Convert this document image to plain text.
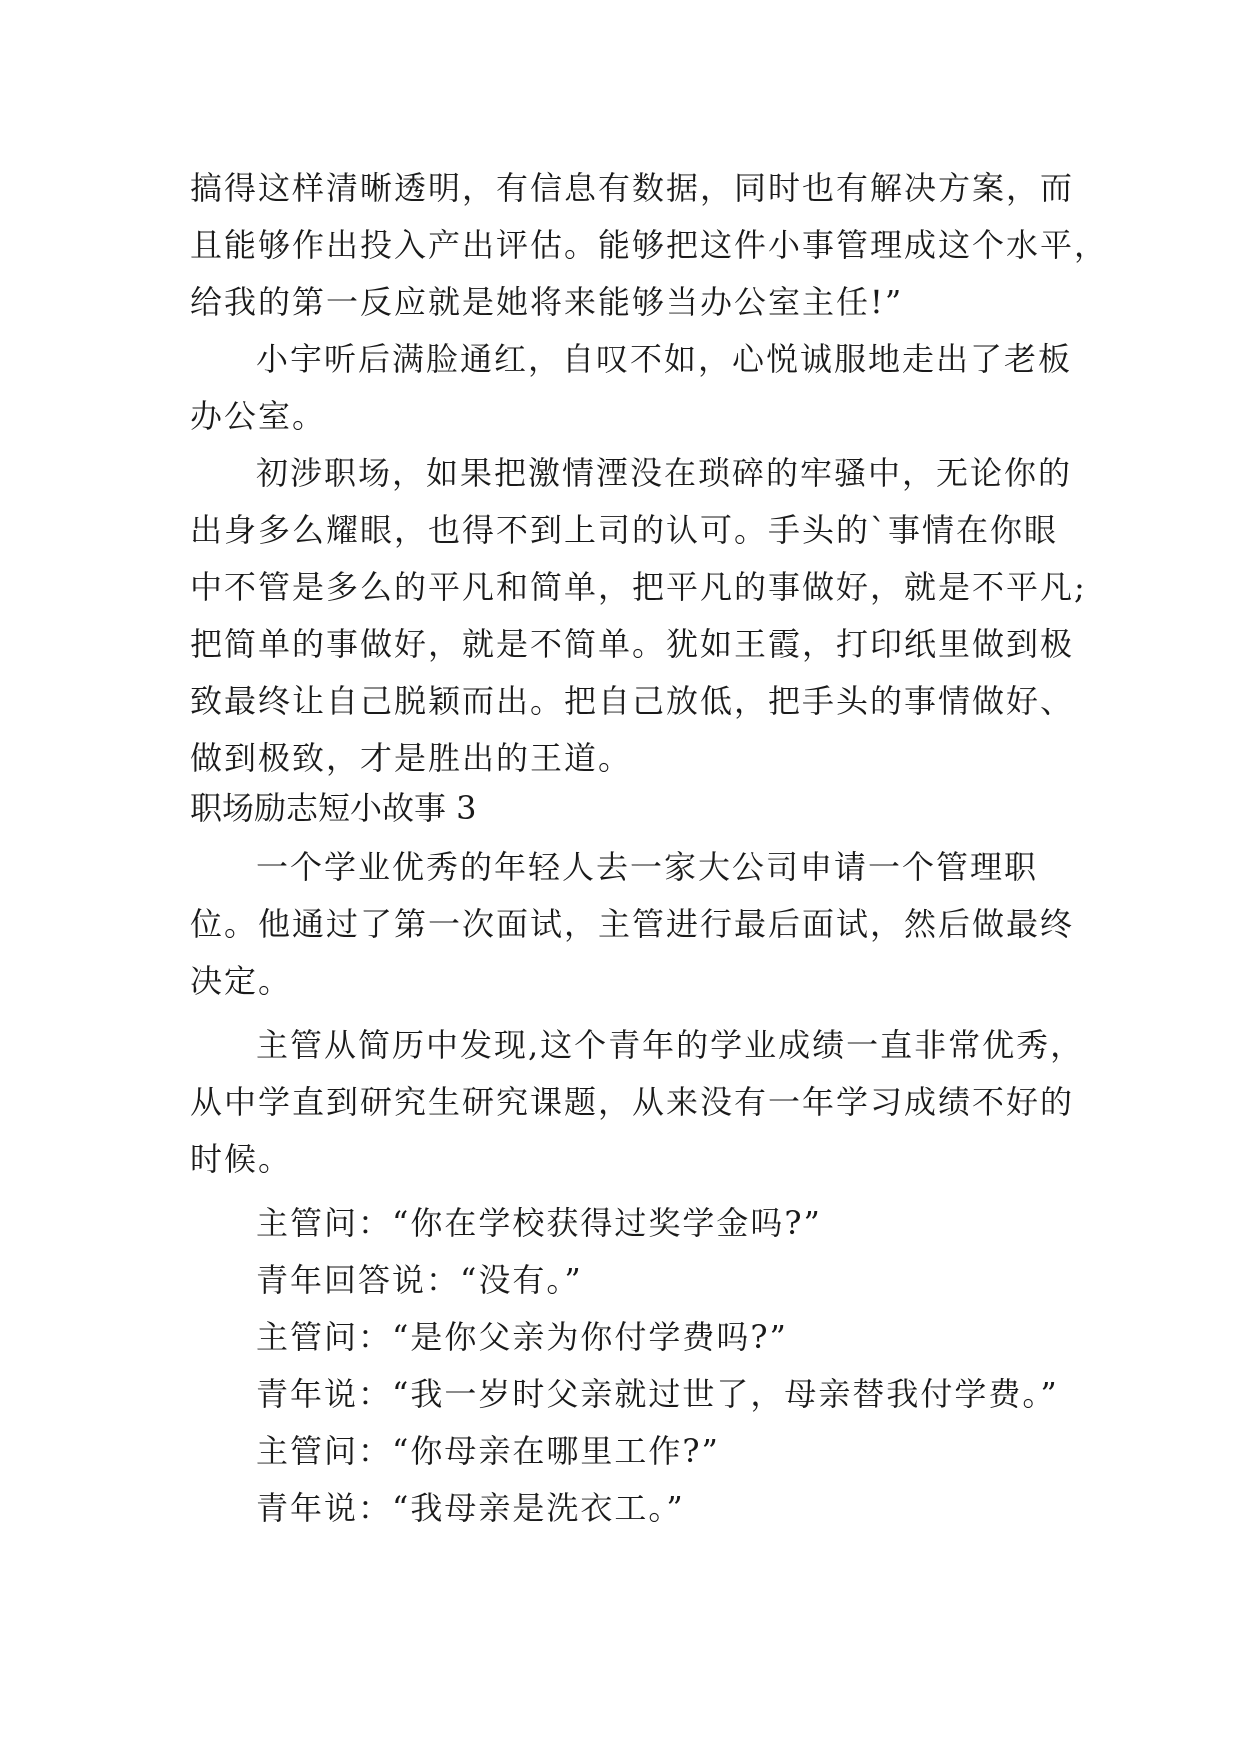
搞得这样清晰透明，有信息有数据，同时也有解决方案，而
且能够作出投入产出评估。能够把这件小事管理成这个水平，
给我的第一反应就是她将来能够当办公室主任!”
小宇听后满脸通红，自叹不如，心悦诚服地走出了老板
办公室。
初涉职场，如果把激情湮没在琐碎的牢骚中，无论你的
出身多么耀眼，也得不到上司的认可。手头的`事情在你眼
中不管是多么的平凡和简单，把平凡的事做好，就是不平凡;
把简单的事做好，就是不简单。犹如王霞，打印纸里做到极
致最终让自己脱颖而出。把自己放低，把手头的事情做好、
做到极致，才是胜出的王道。
职场励志短小故事 3
一个学业优秀的年轻人去一家大公司申请一个管理职
位。他通过了第一次面试，主管进行最后面试，然后做最终
决定。
主管从简历中发现,这个青年的学业成绩一直非常优秀，
从中学直到研究生研究课题，从来没有一年学习成绩不好的
时候。
主管问：“你在学校获得过奖学金吗?”
青年回答说：“没有。”
主管问：“是你父亲为你付学费吗?”
青年说：“我一岁时父亲就过世了，母亲替我付学费。”
主管问：“你母亲在哪里工作?”
青年说：“我母亲是洗衣工。”
